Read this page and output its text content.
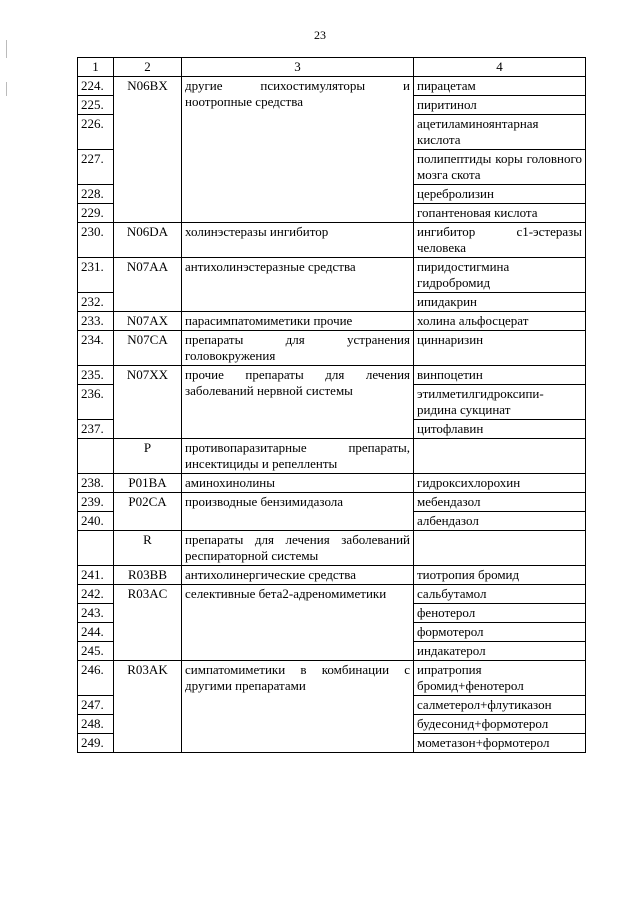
23
1	2	3	4
224.	N06BX	другие психостимуляторы и ноотропные средства	пирацетам
225.			пиритинол
226.			ацетиламиноянтарная кислота
227.			полипептиды коры головного мозга скота
228.			церебролизин
229.			гопантеновая кислота
230.	N06DA	холинэстеразы ингибитор	ингибитор с1-эстеразы человека
231.	N07AA	антихолинэстеразные средства	пиридостигмина гидробромид
232.			ипидакрин
233.	N07AX	парасимпатомиметики прочие	холина альфосцерат
234.	N07CA	препараты для устранения головокружения	циннаризин
235.	N07XX	прочие препараты для лечения заболеваний нервной системы	винпоцетин
236.			этилметилгидроксипи-ридина сукцинат
237.			цитофлавин
	P	противопаразитарные препараты, инсектициды и репелленты	
238.	P01BA	аминохинолины	гидроксихлорохин
239.	P02CA	производные бензимидазола	мебендазол
240.			албендазол
	R	препараты для лечения заболеваний респираторной системы	
241.	R03BB	антихолинергические средства	тиотропия бромид
242.	R03AC	селективные бета2-адреномиметики	сальбутамол
243.			фенотерол
244.			формотерол
245.			индакатерол
246.	R03AK	симпатомиметики в комбинации с другими препаратами	ипратропия бромид+фенотерол
247.			салметерол+флутиказон
248.			будесонид+формотерол
249.			мометазон+формотерол
